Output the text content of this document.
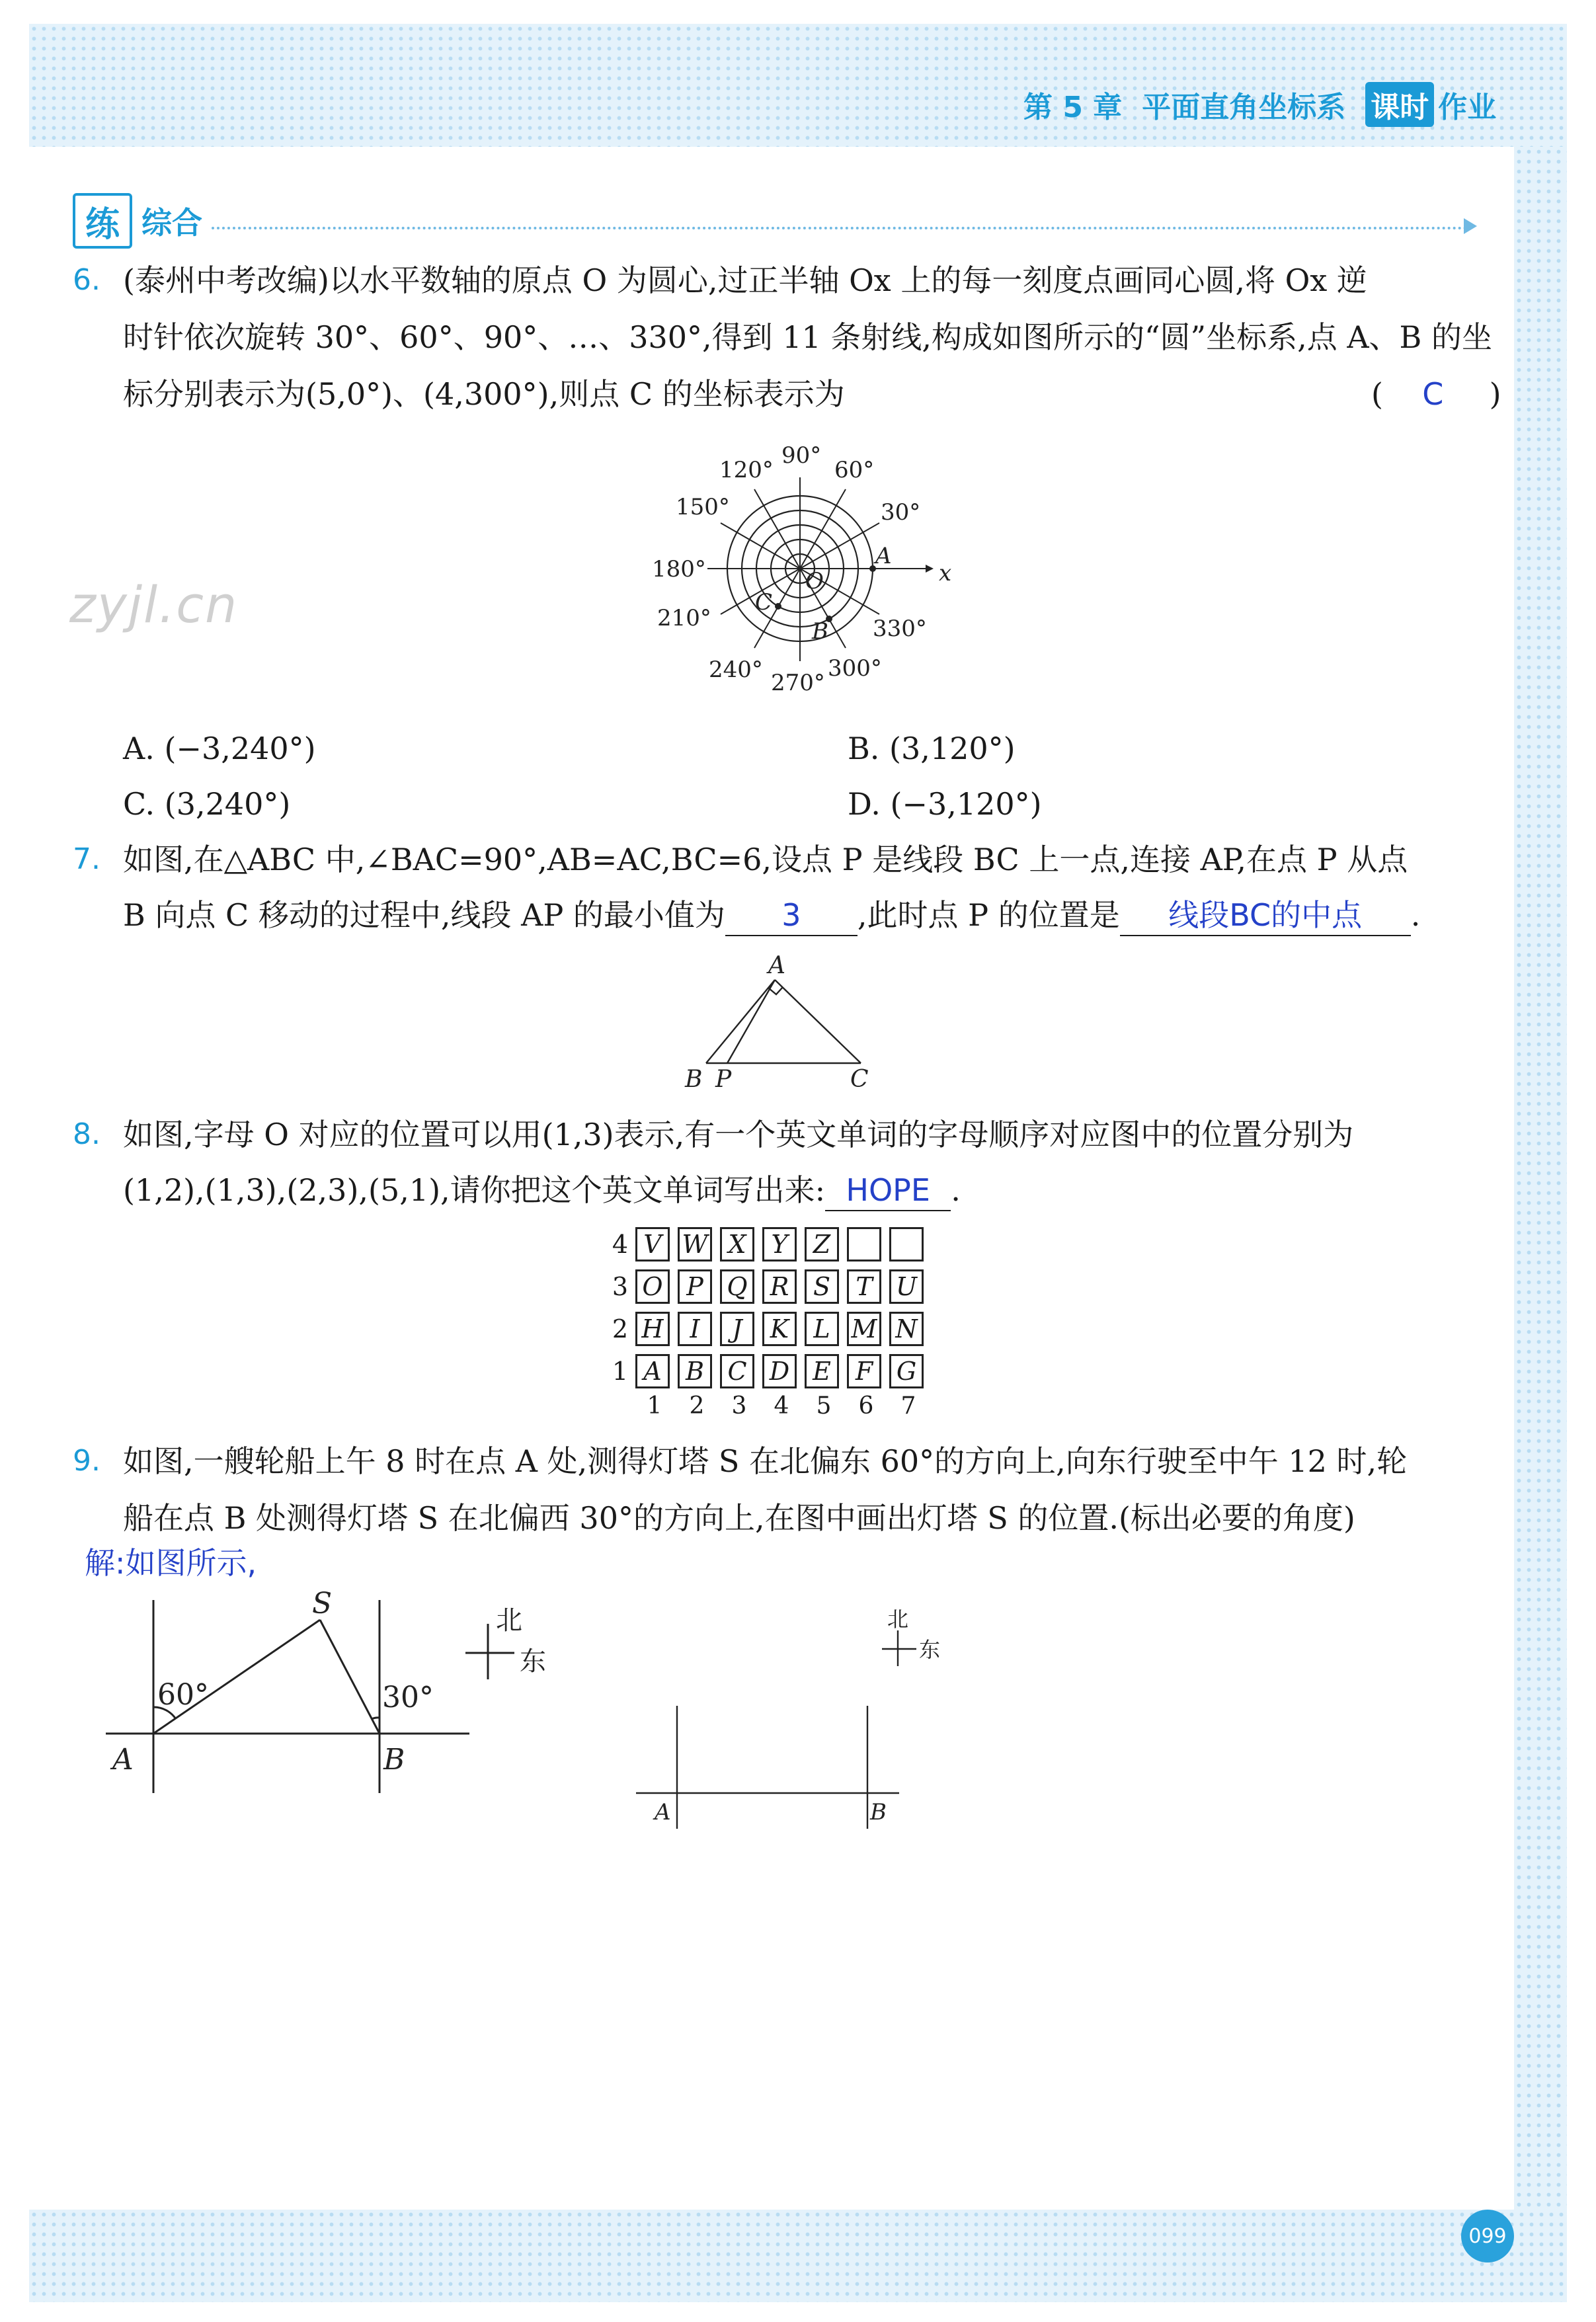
第 5 章 平面直角坐标系 课时 作业
099
zyjl.cn
练 综合
6. (泰州中考改编)以水平数轴的原点 O 为圆心,过正半轴 Ox 上的每一刻度点画同心圆,将 Ox 逆
时针依次旋转 30°、60°、90°、…、330°,得到 11 条射线,构成如图所示的“圆”坐标系,点 A、B 的坐
标分别表示为(5,0°)、(4,300°),则点 C 的坐标表示为	( C )
x
A
O
B
C
30°
60°
90°
120°
150°
180°
210°
240° 270°
300°
330°
A. (−3,240°)	B. (3,120°)
C. (3,240°)	D. (−3,120°)
7. 如图,在△ABC 中,∠BAC=90°,AB=AC,BC=6,设点 P 是线段 BC 上一点,连接 AP,在点 P 从点
B 向点 C 移动的过程中,线段 AP 的最小值为 3 ,此时点 P 的位置是 线段BC的中点 .
A
B P	C
8. 如图,字母 O 对应的位置可以用(1,3)表示,有一个英文单词的字母顺序对应图中的位置分别为
(1,2),(1,3),(2,3),(5,1),请你把这个英文单词写出来: HOPE .
4 V W X Y	Z
3 O P Q R S	T U
2 H	I	J	K L M N
1 A B C D E F G
1	2	3	4	5	6	7
9. 如图,一艘轮船上午 8 时在点 A 处,测得灯塔 S 在北偏东 60°的方向上,向东行驶至中午 12 时,轮
船在点 B 处测得灯塔 S 在北偏西 30°的方向上,在图中画出灯塔 S 的位置.(标出必要的角度)
解:如图所示,
S
60°	30°
A	B
北
东
A	B
北
东
